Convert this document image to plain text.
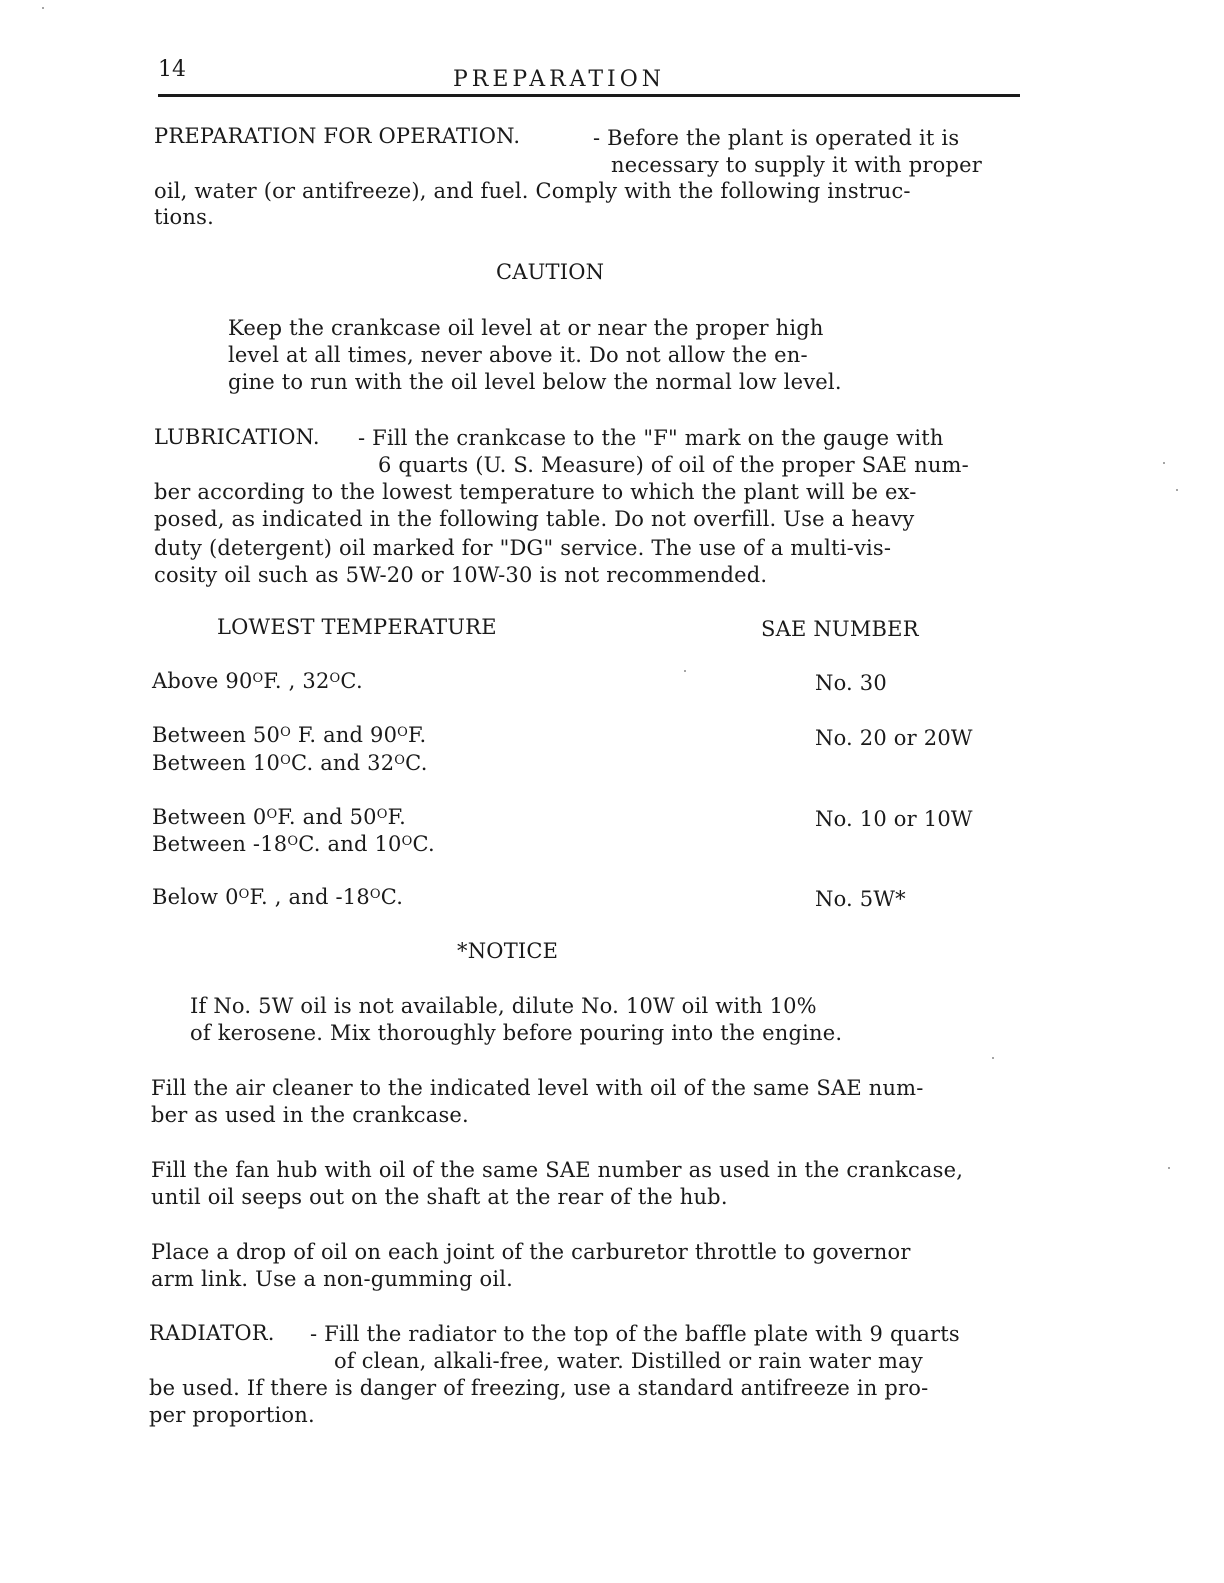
14	PREPARATION
PREPARATION FOR OPERATION.	- Before the plant is operated it is
necessary to supply it with proper
oil, water (or antifreeze), and fuel. Comply with the following instruc-
tions.
CAUTION
Keep the crankcase oil level at or near the proper high
level at all times, never above it. Do not allow the en-
gine to run with the oil level below the normal low level.
LUBRICATION. - Fill the crankcase to the "F" mark on the gauge with
6 quarts (U. S. Measure) of oil of the proper SAE num-
ber according to the lowest temperature to which the plant will be ex-
posed, as indicated in the following table. Do not overfill. Use a heavy
duty (detergent) oil marked for "DG" service. The use of a multi-vis-
cosity oil such as 5W-20 or 10W-30 is not recommended.
LOWEST TEMPERATURE	SAE NUMBER
Above $90^OF$. , $32^OC$.	No. 30
Between $50^O$ F. and $90^OF$.
Between $10^OC$. and $32^OC$.
No. 20 or 20W
Between $0^OF$. and $50^OF$.
Between $-18^OC$. and $10^OC$.
No. 10 or 10W
Below $0^OF$. , and $-18^OC$.	No. 5W*
*NOTICE
If No. 5W oil is not available, dilute No. 10W oil with 10%
of kerosene. Mix thoroughly before pouring into the engine.
Fill the air cleaner to the indicated level with oil of the same SAE num-
ber as used in the crankcase.
Fill the fan hub with oil of the same SAE number as used in the crankcase,
until oil seeps out on the shaft at the rear of the hub.
Place a drop of oil on each joint of the carburetor throttle to governor
arm link. Use a non-gumming oil.
RADIATOR. - Fill the radiator to the top of the baffle plate with 9 quarts
of clean, alkali-free, water. Distilled or rain water may
be used. If there is danger of freezing, use a standard antifreeze in pro-
per proportion.
